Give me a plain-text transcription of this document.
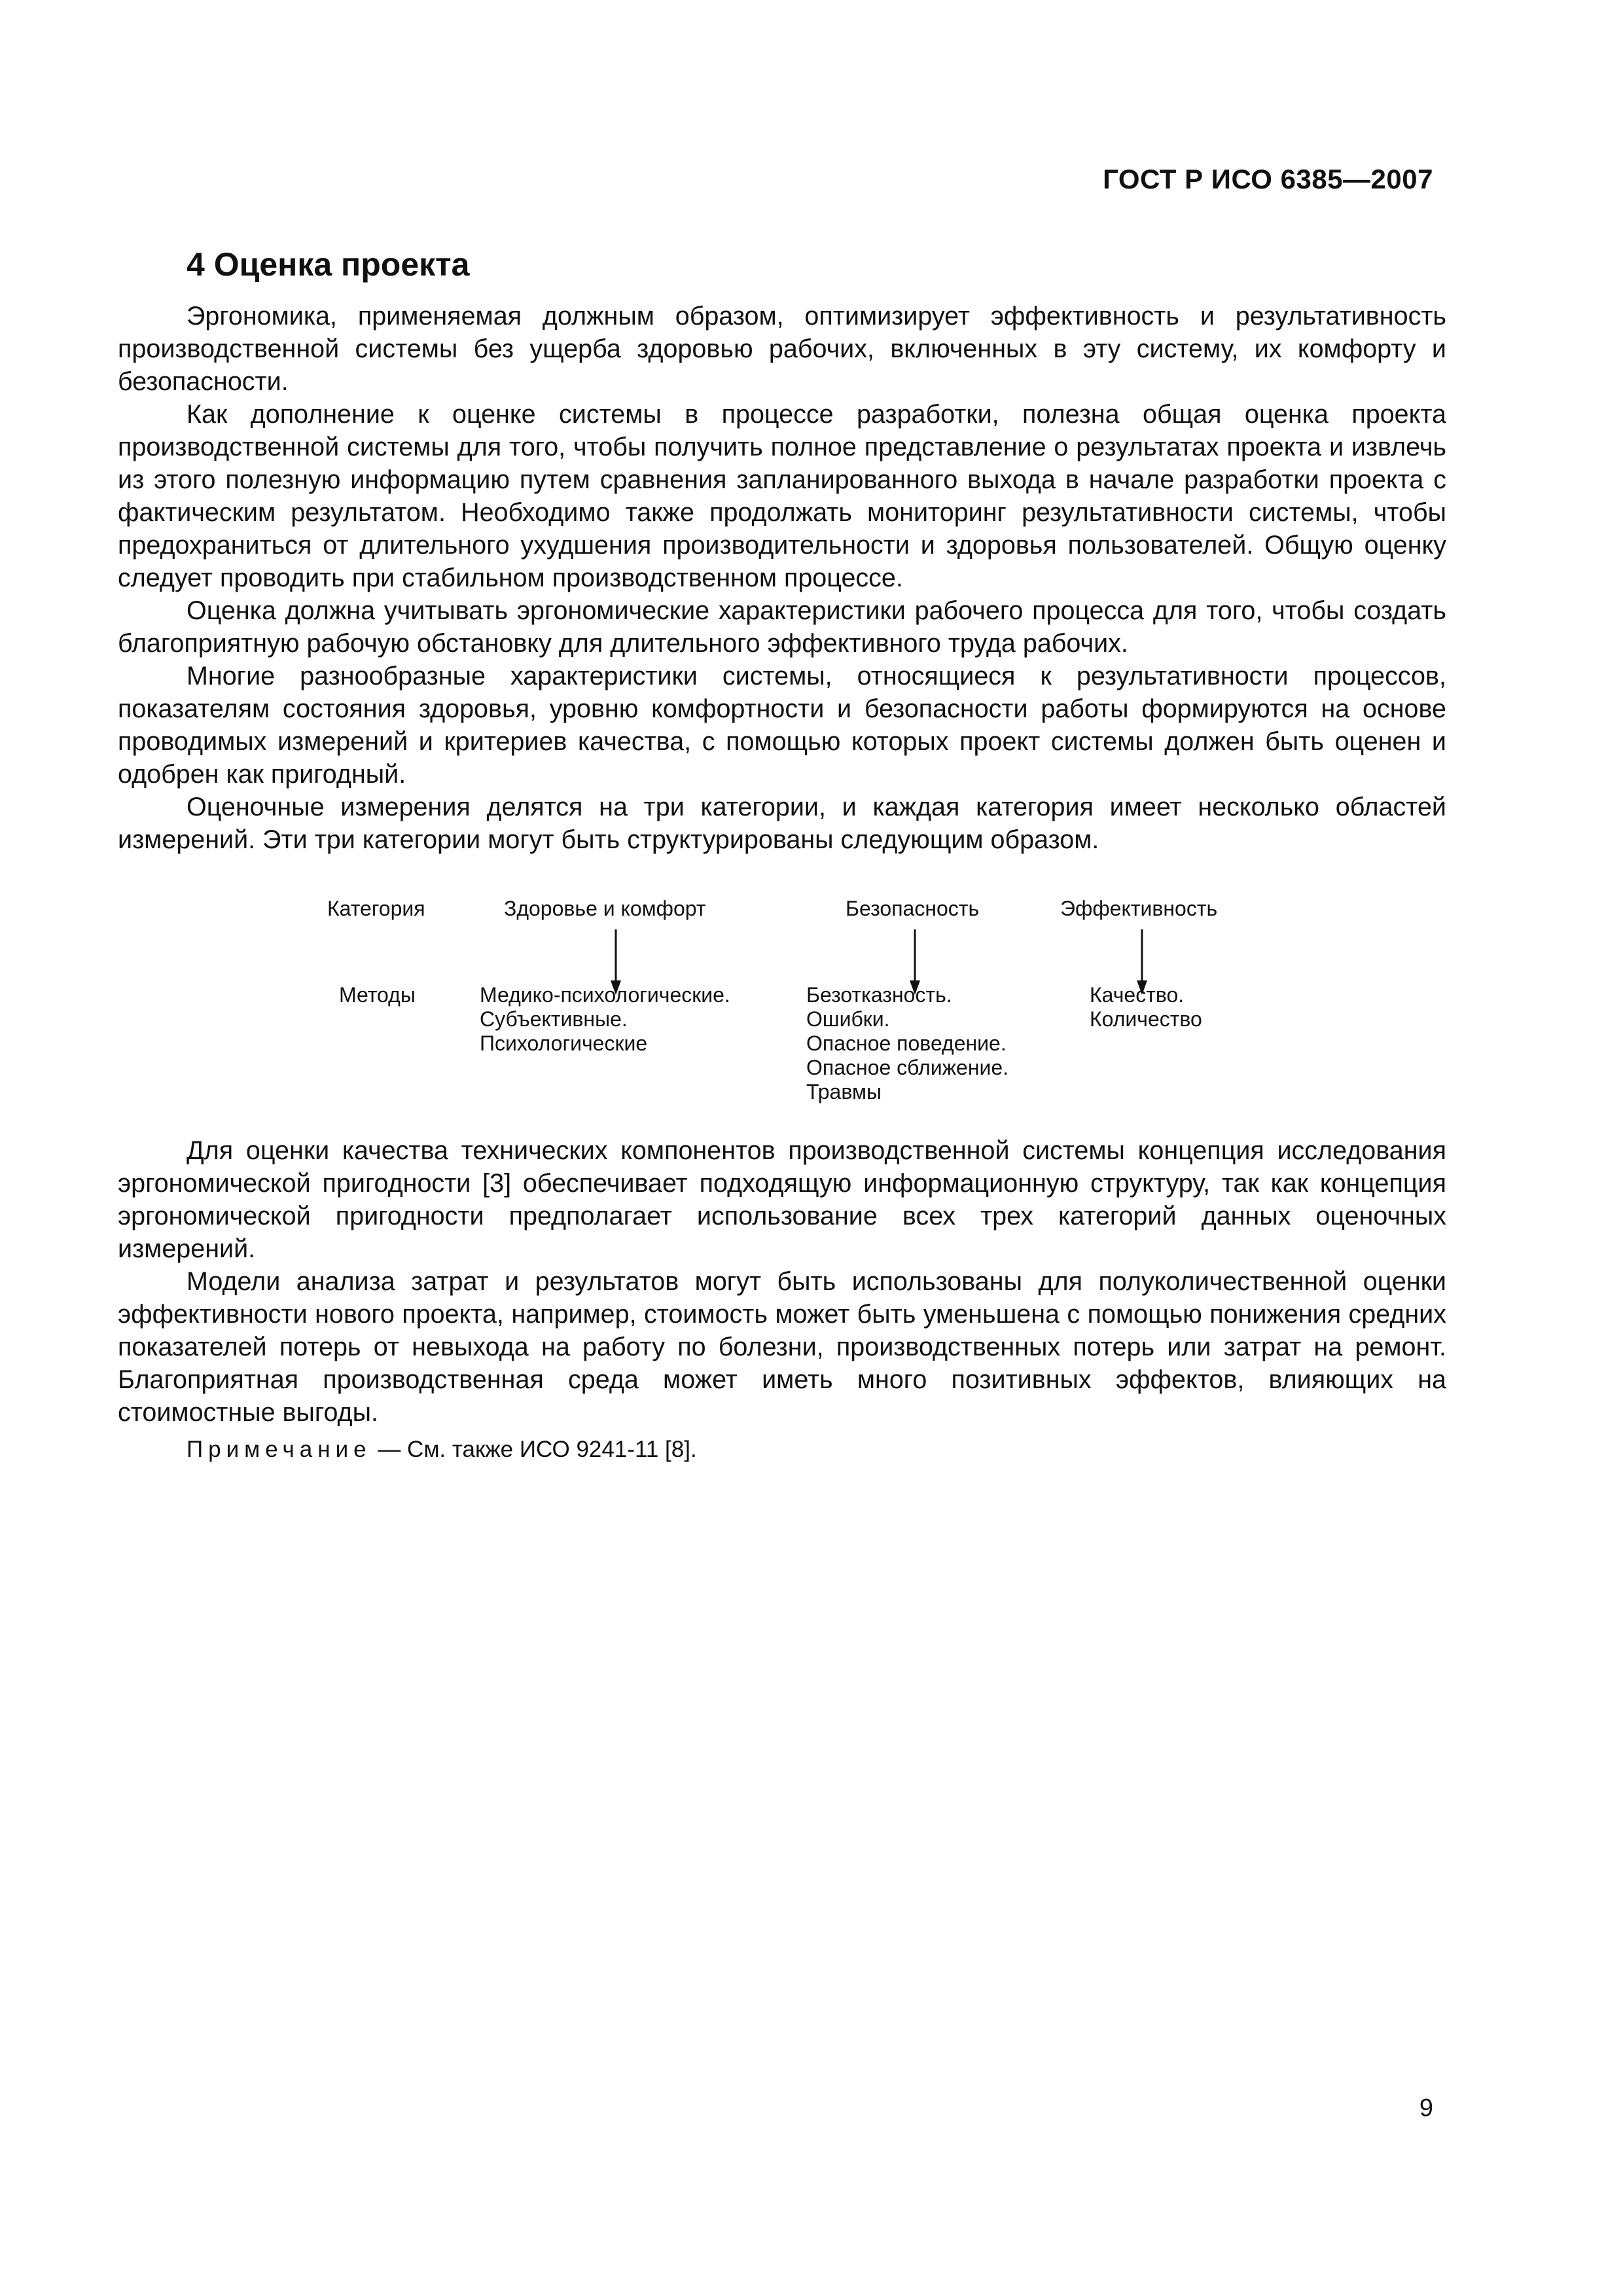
ГОСТ Р ИСО 6385—2007
4 Оценка проекта

Эргономика, применяемая должным образом, оптимизирует эффективность и результативность производственной системы без ущерба здоровью рабочих, включенных в эту систему, их комфорту и безопасности.

Как дополнение к оценке системы в процессе разработки, полезна общая оценка проекта производственной системы для того, чтобы получить полное представление о результатах проекта и извлечь из этого полезную информацию путем сравнения запланированного выхода в начале разработки проекта с фактическим результатом. Необходимо также продолжать мониторинг результативности системы, чтобы предохраниться от длительного ухудшения производительности и здоровья пользователей. Общую оценку следует проводить при стабильном производственном процессе.

Оценка должна учитывать эргономические характеристики рабочего процесса для того, чтобы создать благоприятную рабочую обстановку для длительного эффективного труда рабочих.

Многие разнообразные характеристики системы, относящиеся к результативности процессов, показателям состояния здоровья, уровню комфортности и безопасности работы формируются на основе проводимых измерений и критериев качества, с помощью которых проект системы должен быть оценен и одобрен как пригодный.

Оценочные измерения делятся на три категории, и каждая категория имеет несколько областей измерений. Эти три категории могут быть структурированы следующим образом.

Категория
Методы
Здоровье и комфорт	Безопасность	Эффективность
Медико-психологические.
Субъективные.
Психологические
Безотказность.
Ошибки.
Опасное поведение.
Опасное сближение.
Травмы
Качество.
Количество

Для оценки качества технических компонентов производственной системы концепция исследования эргономической пригодности [3] обеспечивает подходящую информационную структуру, так как концепция эргономической пригодности предполагает использование всех трех категорий данных оценочных измерений.

Модели анализа затрат и результатов могут быть использованы для полуколичественной оценки эффективности нового проекта, например, стоимость может быть уменьшена с помощью понижения средних показателей потерь от невыхода на работу по болезни, производственных потерь или затрат на ремонт. Благоприятная производственная среда может иметь много позитивных эффектов, влияющих на стоимостные выгоды.

Примечание — См. также ИСО 9241-11 [8].
9
